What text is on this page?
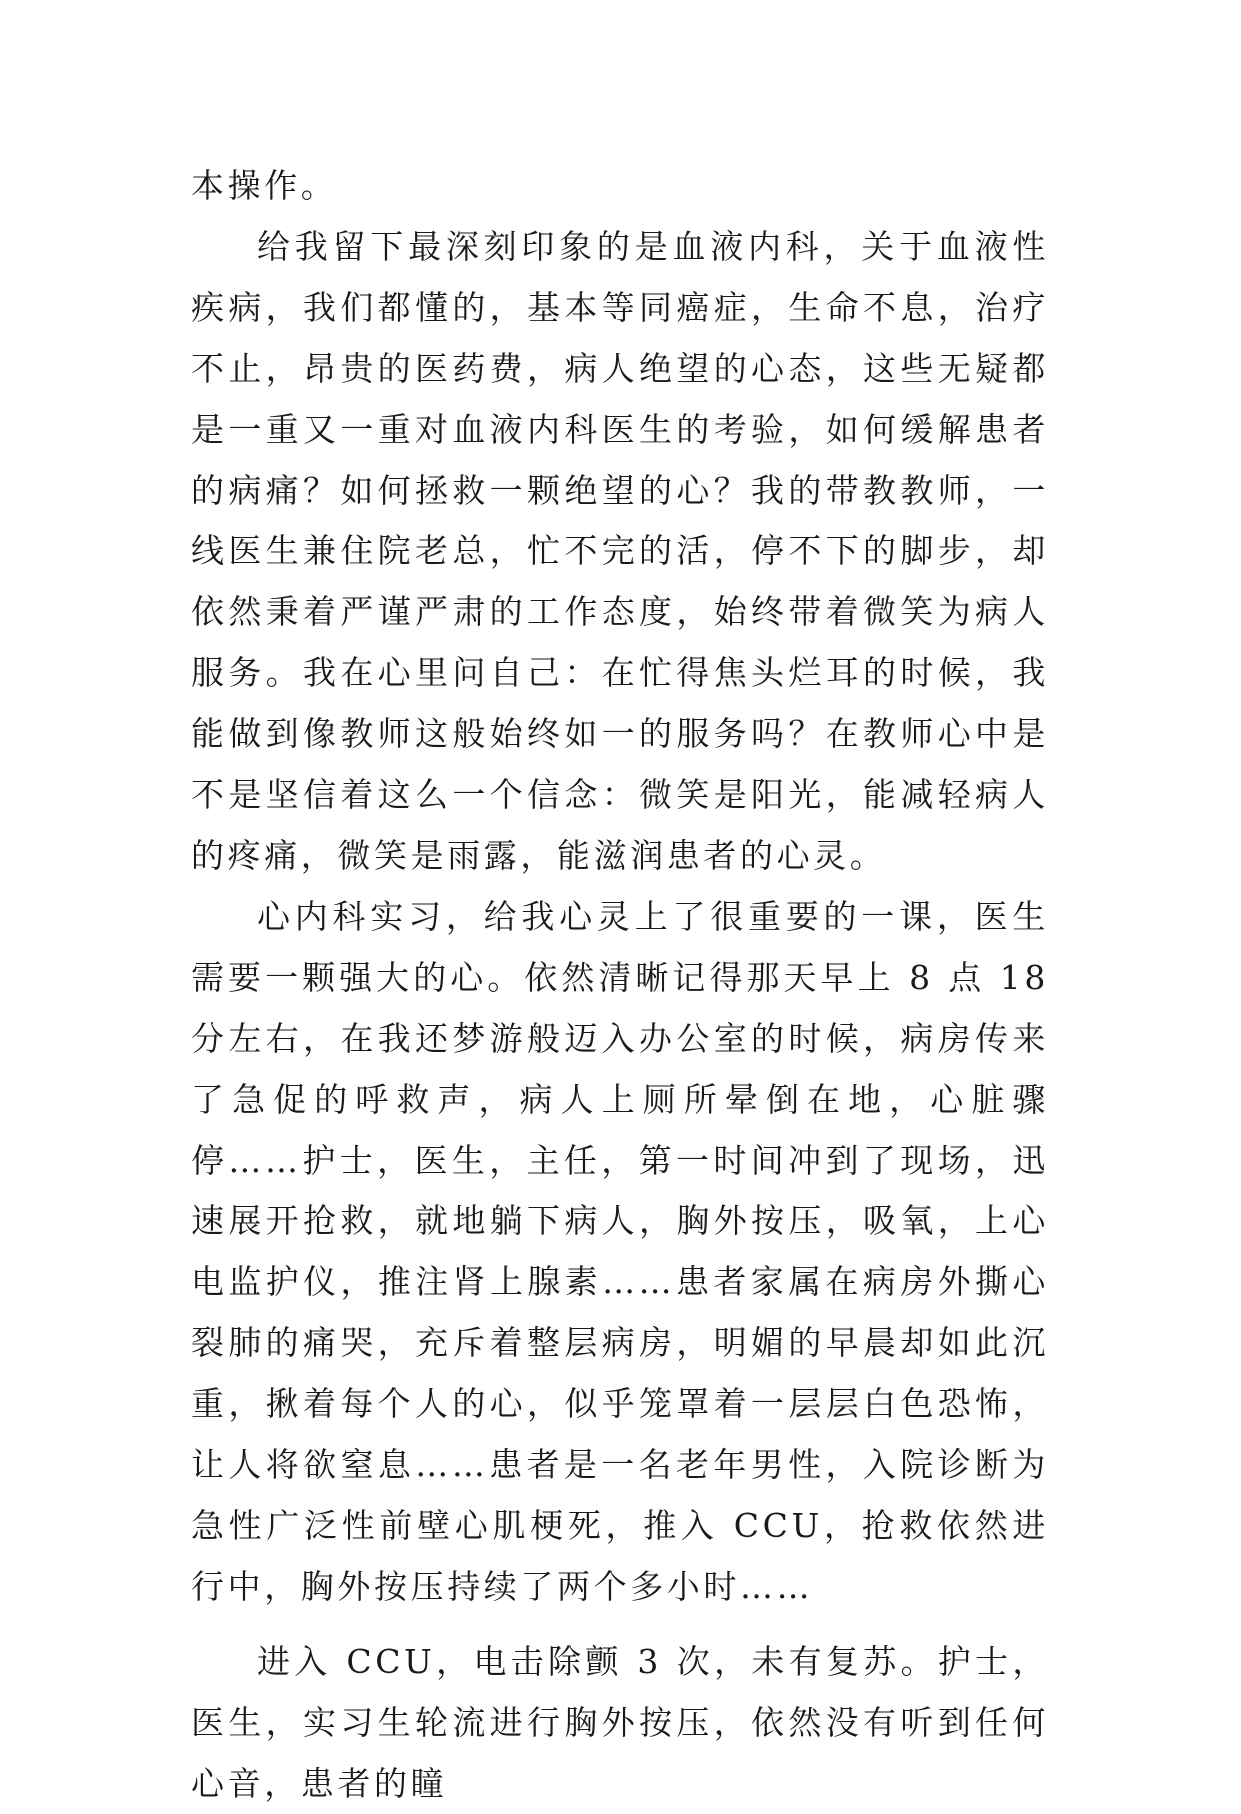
本操作。

给我留下最深刻印象的是血液内科，关于血液性疾病，我们都懂的，基本等同癌症，生命不息，治疗不止，昂贵的医药费，病人绝望的心态，这些无疑都是一重又一重对血液内科医生的考验，如何缓解患者的病痛？如何拯救一颗绝望的心？我的带教教师，一线医生兼住院老总，忙不完的活，停不下的脚步，却依然秉着严谨严肃的工作态度，始终带着微笑为病人服务。我在心里问自己：在忙得焦头烂耳的时候，我能做到像教师这般始终如一的服务吗？在教师心中是不是坚信着这么一个信念：微笑是阳光，能减轻病人的疼痛，微笑是雨露，能滋润患者的心灵。

心内科实习，给我心灵上了很重要的一课，医生需要一颗强大的心。依然清晰记得那天早上 8 点 18 分左右，在我还梦游般迈入办公室的时候，病房传来了急促的呼救声，病人上厕所晕倒在地，心脏骤停……护士，医生，主任，第一时间冲到了现场，迅速展开抢救，就地躺下病人，胸外按压，吸氧，上心电监护仪，推注肾上腺素……患者家属在病房外撕心裂肺的痛哭，充斥着整层病房，明媚的早晨却如此沉重，揪着每个人的心，似乎笼罩着一层层白色恐怖，让人将欲窒息……患者是一名老年男性，入院诊断为急性广泛性前壁心肌梗死，推入 CCU，抢救依然进行中，胸外按压持续了两个多小时……

进入 CCU，电击除颤 3 次，未有复苏。护士，医生，实习生轮流进行胸外按压，依然没有听到任何心音，患者的瞳
